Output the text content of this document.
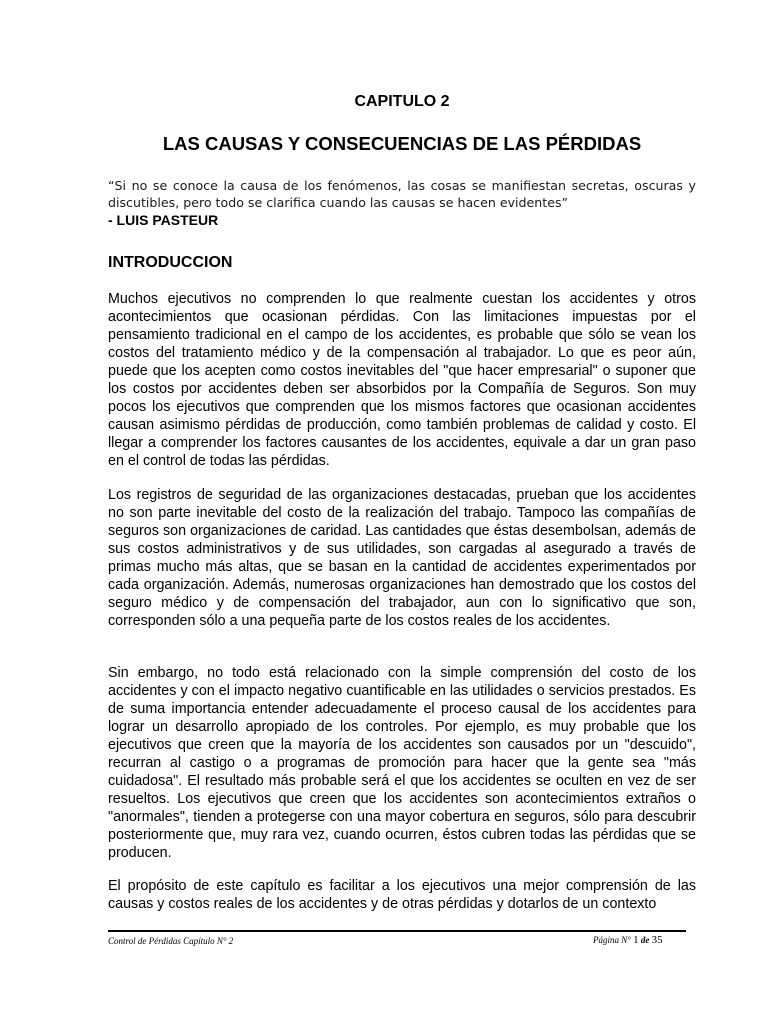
CAPITULO 2
LAS CAUSAS Y CONSECUENCIAS DE LAS PÉRDIDAS
“Si no se conoce la causa de los fenómenos, las cosas se manifiestan secretas, oscuras y discutibles, pero todo se clarifica cuando las causas se hacen evidentes”
- LUIS PASTEUR
INTRODUCCION

Muchos ejecutivos no comprenden lo que realmente cuestan los accidentes y otros acontecimientos que ocasionan pérdidas. Con las limitaciones impuestas por el pensamiento tradicional en el campo de los accidentes, es probable que sólo se vean los costos del tratamiento médico y de la compensación al trabajador. Lo que es peor aún, puede que los acepten como costos inevitables del "que hacer empresarial" o suponer que los costos por accidentes deben ser absorbidos por la Compañía de Seguros. Son muy pocos los ejecutivos que comprenden que los mismos factores que ocasionan accidentes causan asimismo pérdidas de producción, como también problemas de calidad y costo. El llegar a comprender los factores causantes de los accidentes, equivale a dar un gran paso en el control de todas las pérdidas.

Los registros de seguridad de las organizaciones destacadas, prueban que los accidentes no son parte inevitable del costo de la realización del trabajo. Tampoco las compañías de seguros son organizaciones de caridad. Las cantidades que éstas desembolsan, además de sus costos administrativos y de sus utilidades, son cargadas al asegurado a través de primas mucho más altas, que se basan en la cantidad de accidentes experimentados por cada organización. Además, numerosas organizaciones han demostrado que los costos del seguro médico y de compensación del trabajador, aun con lo significativo que son, corresponden sólo a una pequeña parte de los costos reales de los accidentes.

Sin embargo, no todo está relacionado con la simple comprensión del costo de los accidentes y con el impacto negativo cuantificable en las utilidades o servicios prestados. Es de suma importancia entender adecuadamente el proceso causal de los accidentes para lograr un desarrollo apropiado de los controles. Por ejemplo, es muy probable que los ejecutivos que creen que la mayoría de los accidentes son causados por un "descuido", recurran al castigo o a programas de promoción para hacer que la gente sea "más cuidadosa". El resultado más probable será el que los accidentes se oculten en vez de ser resueltos. Los ejecutivos que creen que los accidentes son acontecimientos extraños o "anormales", tienden a protegerse con una mayor cobertura en seguros, sólo para descubrir posteriormente que, muy rara vez, cuando ocurren, éstos cubren todas las pérdidas que se producen.

El propósito de este capítulo es facilitar a los ejecutivos una mejor comprensión de las causas y costos reales de los accidentes y de otras pérdidas y dotarlos de un contexto

Control de Pérdidas Capítulo N° 2	Página N° 1 de 35
